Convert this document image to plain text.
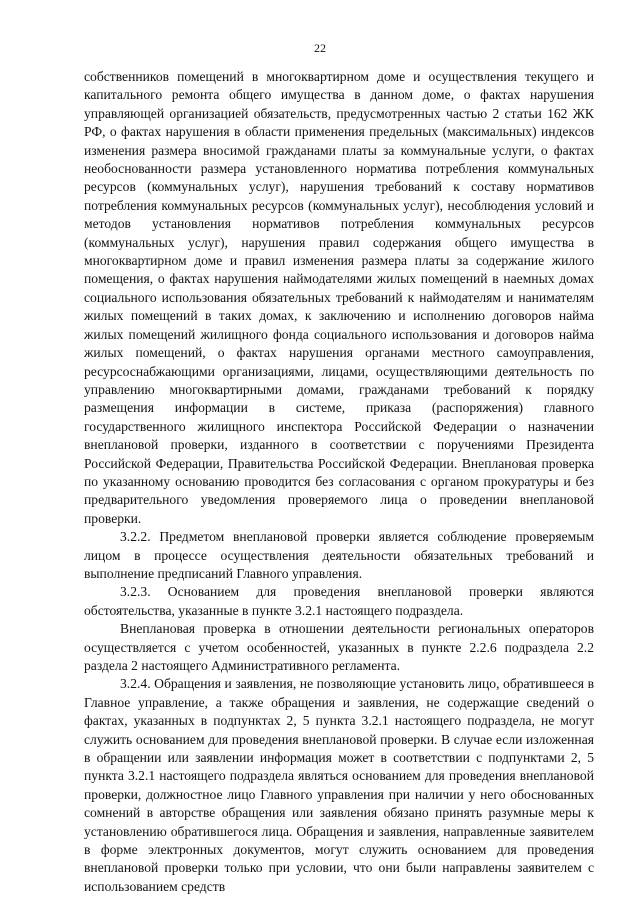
22

собственников помещений в многоквартирном доме и осуществления текущего и капитального ремонта общего имущества в данном доме, о фактах нарушения управляющей организацией обязательств, предусмотренных частью 2 статьи 162 ЖК РФ, о фактах нарушения в области применения предельных (максимальных) индексов изменения размера вносимой гражданами платы за коммунальные услуги, о фактах необоснованности размера установленного норматива потребления коммунальных ресурсов (коммунальных услуг), нарушения требований к составу нормативов потребления коммунальных ресурсов (коммунальных услуг), несоблюдения условий и методов установления нормативов потребления коммунальных ресурсов (коммунальных услуг), нарушения правил содержания общего имущества в многоквартирном доме и правил изменения размера платы за содержание жилого помещения, о фактах нарушения наймодателями жилых помещений в наемных домах социального использования обязательных требований к наймодателям и нанимателям жилых помещений в таких домах, к заключению и исполнению договоров найма жилых помещений жилищного фонда социального использования и договоров найма жилых помещений, о фактах нарушения органами местного самоуправления, ресурсоснабжающими организациями, лицами, осуществляющими деятельность по управлению многоквартирными домами, гражданами требований к порядку размещения информации в системе, приказа (распоряжения) главного государственного жилищного инспектора Российской Федерации о назначении внеплановой проверки, изданного в соответствии с поручениями Президента Российской Федерации, Правительства Российской Федерации. Внеплановая проверка по указанному основанию проводится без согласования с органом прокуратуры и без предварительного уведомления проверяемого лица о проведении внеплановой проверки.

3.2.2. Предметом внеплановой проверки является соблюдение проверяемым лицом в процессе осуществления деятельности обязательных требований и выполнение предписаний Главного управления.

3.2.3. Основанием для проведения внеплановой проверки являются обстоятельства, указанные в пункте 3.2.1 настоящего подраздела.

Внеплановая проверка в отношении деятельности региональных операторов осуществляется с учетом особенностей, указанных в пункте 2.2.6 подраздела 2.2 раздела 2 настоящего Административного регламента.

3.2.4. Обращения и заявления, не позволяющие установить лицо, обратившееся в Главное управление, а также обращения и заявления, не содержащие сведений о фактах, указанных в подпунктах 2, 5 пункта 3.2.1 настоящего подраздела, не могут служить основанием для проведения внеплановой проверки. В случае если изложенная в обращении или заявлении информация может в соответствии с подпунктами 2, 5 пункта 3.2.1 настоящего подраздела являться основанием для проведения внеплановой проверки, должностное лицо Главного управления при наличии у него обоснованных сомнений в авторстве обращения или заявления обязано принять разумные меры к установлению обратившегося лица. Обращения и заявления, направленные заявителем в форме электронных документов, могут служить основанием для проведения внеплановой проверки только при условии, что они были направлены заявителем с использованием средств
